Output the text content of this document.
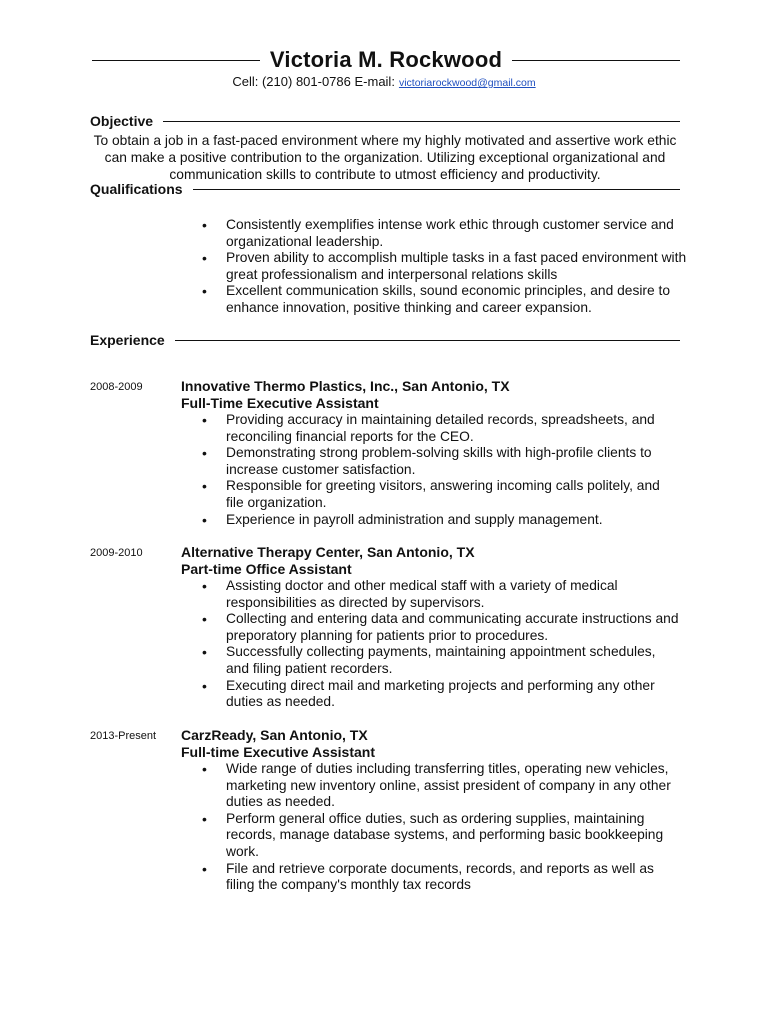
Victoria M. Rockwood
Cell: (210) 801-0786 E-mail: victoriarockwood@gmail.com
Objective
To obtain a job in a fast-paced environment where my highly motivated and assertive work ethic can make a positive contribution to the organization. Utilizing exceptional organizational and communication skills to contribute to utmost efficiency and productivity.
Qualifications
• Consistently exemplifies intense work ethic through customer service and organizational leadership.
• Proven ability to accomplish multiple tasks in a fast paced environment with great professionalism and interpersonal relations skills
• Excellent communication skills, sound economic principles, and desire to enhance innovation, positive thinking and career expansion.
Experience
2008-2009	Innovative Thermo Plastics, Inc., San Antonio, TX
Full-Time Executive Assistant
• Providing accuracy in maintaining detailed records, spreadsheets, and reconciling financial reports for the CEO.
• Demonstrating strong problem-solving skills with high-profile clients to increase customer satisfaction.
• Responsible for greeting visitors, answering incoming calls politely, and file organization.
• Experience in payroll administration and supply management.
2009-2010	Alternative Therapy Center, San Antonio, TX
Part-time Office Assistant
• Assisting doctor and other medical staff with a variety of medical responsibilities as directed by supervisors.
• Collecting and entering data and communicating accurate instructions and preporatory planning for patients prior to procedures.
• Successfully collecting payments, maintaining appointment schedules, and filing patient recorders.
• Executing direct mail and marketing projects and performing any other duties as needed.
2013-Present CarzReady, San Antonio, TX
Full-time Executive Assistant
• Wide range of duties including transferring titles, operating new vehicles, marketing new inventory online, assist president of company in any other duties as needed.
• Perform general office duties, such as ordering supplies, maintaining records, manage database systems, and performing basic bookkeeping work.
• File and retrieve corporate documents, records, and reports as well as filing the company's monthly tax records
